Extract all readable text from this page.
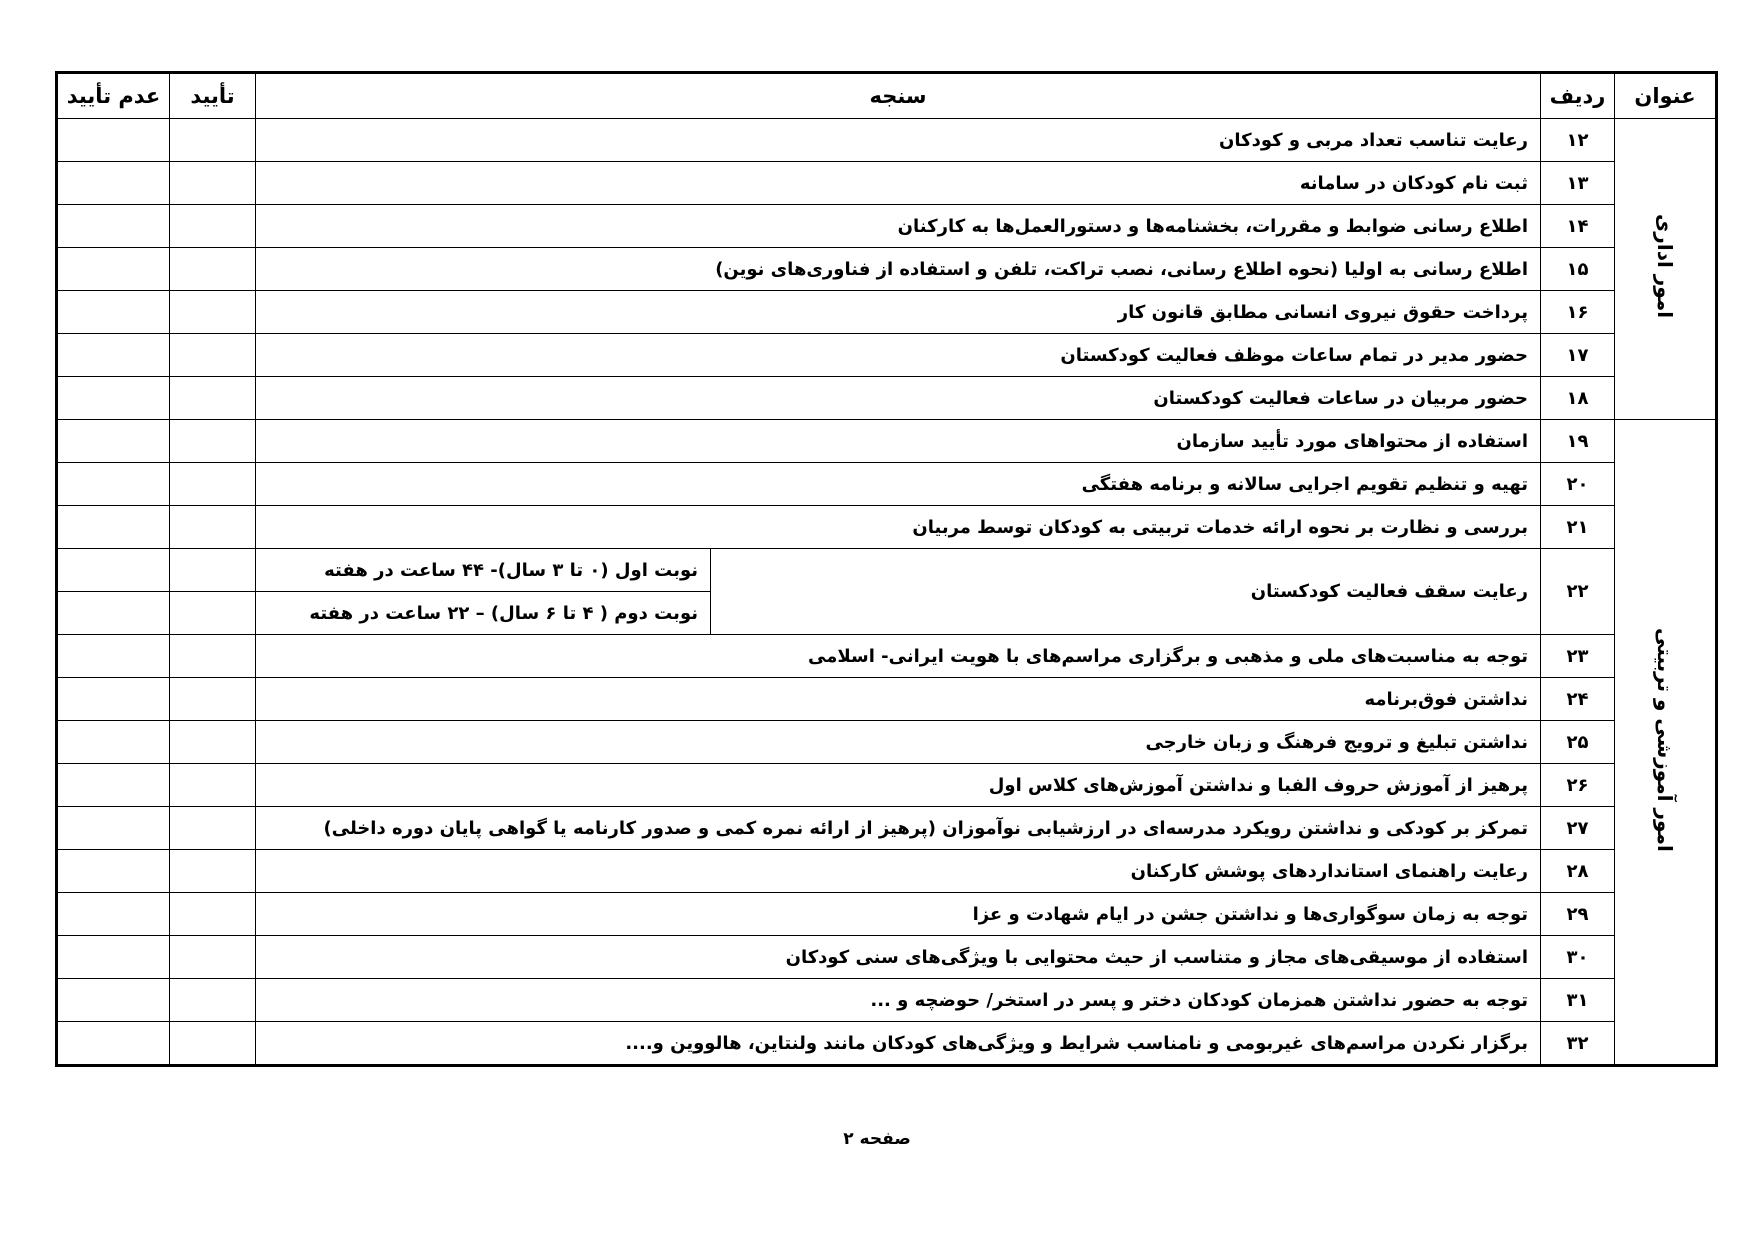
عنوان	ردیف	سنجه		تأیید	عدم تأیید
امور اداری	۱۲	رعایت تناسب تعداد مربی و کودکان			
	۱۳	ثبت نام کودکان در سامانه			
	۱۴	اطلاع رسانی ضوابط و مقررات، بخشنامه‌ها و دستورالعمل‌ها به کارکنان			
	۱۵	اطلاع رسانی به اولیا (نحوه اطلاع رسانی، نصب تراکت، تلفن و استفاده از فناوری‌های نوین)			
	۱۶	پرداخت حقوق نیروی انسانی مطابق قانون کار			
	۱۷	حضور مدیر در تمام ساعات موظف فعالیت کودکستان			
	۱۸	حضور مربیان در ساعات فعالیت کودکستان			
امور آموزشی و تربیتی	۱۹	استفاده از محتواهای مورد تأیید سازمان			
	۲۰	تهیه و تنظیم تقویم اجرایی سالانه و برنامه هفتگی			
	۲۱	بررسی و نظارت بر نحوه ارائه خدمات تربیتی به کودکان توسط مربیان			
	۲۲	رعایت سقف فعالیت کودکستان	نوبت اول (۰ تا ۳ سال)- ۴۴ ساعت در هفته		
			نوبت دوم ( ۴ تا ۶ سال) – ۲۲ ساعت در هفته		
	۲۳	توجه به مناسبت‌های ملی و مذهبی و برگزاری مراسم‌های با هویت ایرانی- اسلامی			
	۲۴	نداشتن فوق‌برنامه			
	۲۵	نداشتن تبلیغ و ترویج فرهنگ و زبان خارجی			
	۲۶	پرهیز از آموزش حروف الفبا و نداشتن آموزش‌های کلاس اول			
	۲۷	تمرکز بر کودکی و نداشتن رویکرد مدرسه‌ای در ارزشیابی نوآموزان (پرهیز از ارائه نمره کمی و صدور کارنامه یا گواهی پایان دوره داخلی)			
	۲۸	رعایت راهنمای استانداردهای پوشش کارکنان			
	۲۹	توجه به زمان سوگواری‌ها و نداشتن جشن در ایام شهادت و عزا			
	۳۰	استفاده از موسیقی‌های مجاز و متناسب از حیث محتوایی با ویژگی‌های سنی کودکان			
	۳۱	توجه به حضور نداشتن همزمان کودکان دختر و پسر در استخر/ حوضچه و ...			
	۳۲	برگزار نکردن مراسم‌های غیربومی و نامناسب شرایط و ویژگی‌های کودکان مانند ولنتاین، هالووین و....			
صفحه ۲
